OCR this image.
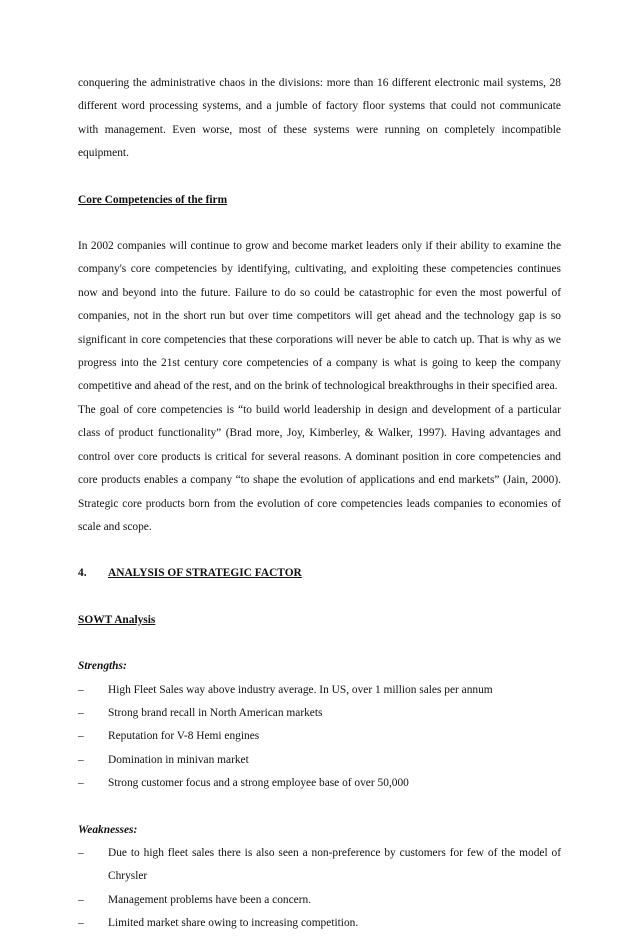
conquering the administrative chaos in the divisions: more than 16 different electronic mail systems, 28 different word processing systems, and a jumble of factory floor systems that could not communicate with management. Even worse, most of these systems were running on completely incompatible equipment.

Core Competencies of the firm

In 2002 companies will continue to grow and become market leaders only if their ability to examine the company's core competencies by identifying, cultivating, and exploiting these competencies continues now and beyond into the future. Failure to do so could be catastrophic for even the most powerful of companies, not in the short run but over time competitors will get ahead and the technology gap is so significant in core competencies that these corporations will never be able to catch up. That is why as we progress into the 21st century core competencies of a company is what is going to keep the company competitive and ahead of the rest, and on the brink of technological breakthroughs in their specified area.

The goal of core competencies is “to build world leadership in design and development of a particular class of product functionality” (Brad more, Joy, Kimberley, & Walker, 1997). Having advantages and control over core products is critical for several reasons. A dominant position in core competencies and core products enables a company “to shape the evolution of applications and end markets” (Jain, 2000). Strategic core products born from the evolution of core competencies leads companies to economies of scale and scope.

4. ANALYSIS OF STRATEGIC FACTOR

SOWT Analysis

Strengths:

–	High Fleet Sales way above industry average. In US, over 1 million sales per annum
–	Strong brand recall in North American markets
–	Reputation for V-8 Hemi engines
–	Domination in minivan market
–	Strong customer focus and a strong employee base of over 50,000

Weaknesses:

–	Due to high fleet sales there is also seen a non-preference by customers for few of the model of Chrysler
–	Management problems have been a concern.
–	Limited market share owing to increasing competition.
